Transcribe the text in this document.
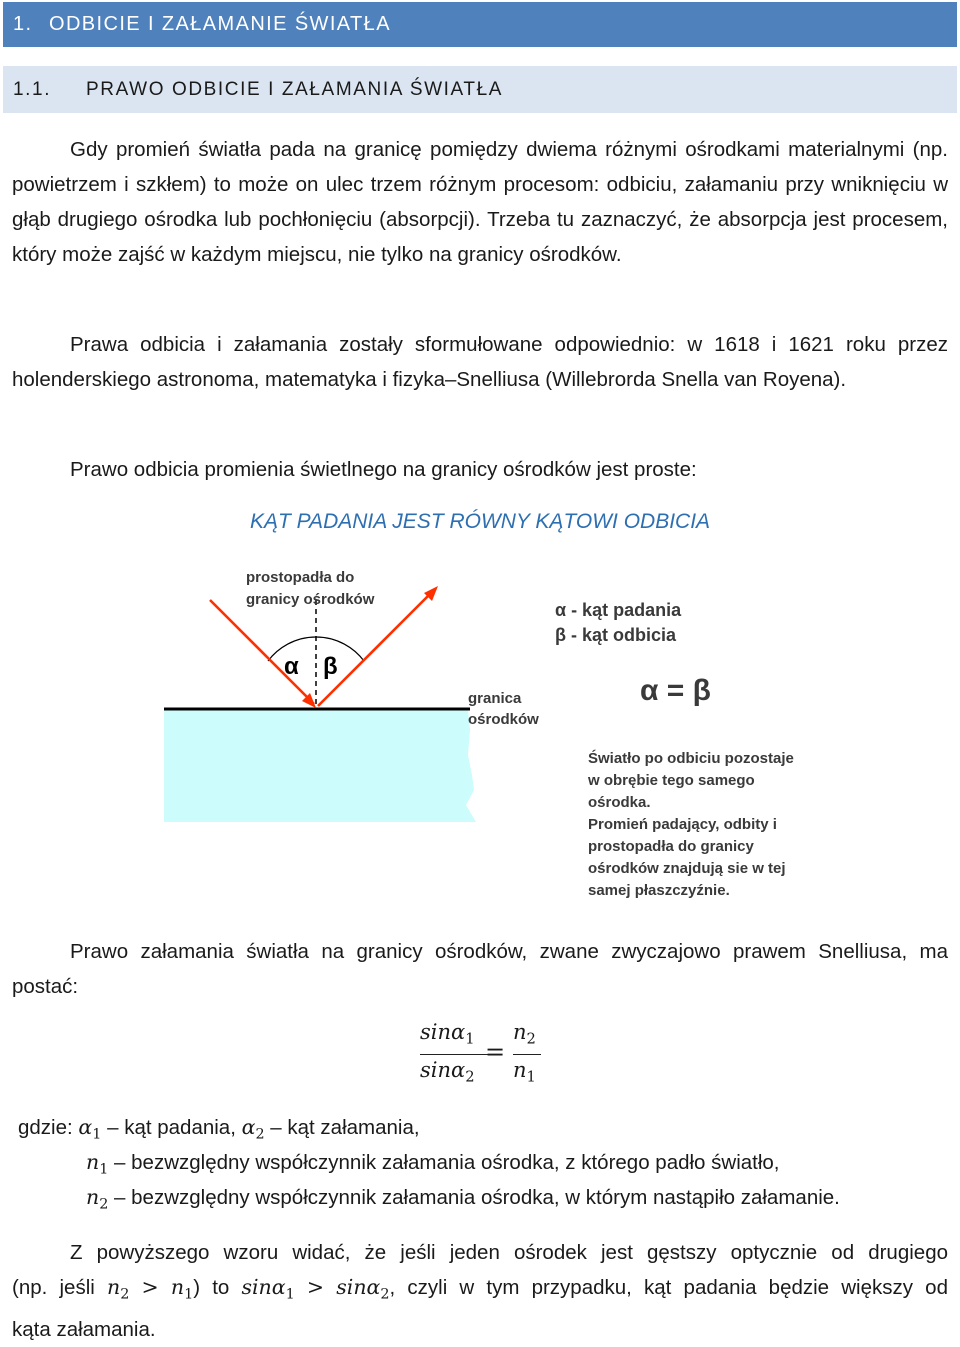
1. ODBICIE I ZAŁAMANIE ŚWIATŁA
1.1. PRAWO ODBICIE I ZAŁAMANIA ŚWIATŁA
Gdy promień światła pada na granicę pomiędzy dwiema różnymi ośrodkami materialnymi (np. powietrzem i szkłem) to może on ulec trzem różnym procesom: odbiciu, załamaniu przy wniknięciu w głąb drugiego ośrodka lub pochłonięciu (absorpcji). Trzeba tu zaznaczyć, że absorpcja jest procesem, który może zajść w każdym miejscu, nie tylko na granicy ośrodków.
Prawa odbicia i załamania zostały sformułowane odpowiednio: w 1618 i 1621 roku przez holenderskiego astronoma, matematyka i fizyka–Snelliusa (Willebrorda Snella van Royena).
Prawo odbicia promienia świetlnego na granicy ośrodków jest proste:
KĄT PADANIA JEST RÓWNY KĄTOWI ODBICIA
prostopadła do
granicy ośrodków
α β
granica
ośrodków
α - kąt padania
β - kąt odbicia
α = β
Światło po odbiciu pozostaje
w obrębie tego samego
ośrodka.
Promień padający, odbity i
prostopadła do granicy
ośrodków znajdują sie w tej
samej płaszczyźnie.
Prawo załamania światła na granicy ośrodków, zwane zwyczajowo prawem Snelliusa, ma postać:
sinα$_1$
sinα$_2$
=
$n_2$
$n_1$
gdzie: $\alpha_1$ – kąt padania, $\alpha_2$ – kąt załamania,
$n_1$ – bezwzględny współczynnik załamania ośrodka, z którego padło światło,
$n_2$ – bezwzględny współczynnik załamania ośrodka, w którym nastąpiło załamanie.
Z powyższego wzoru widać, że jeśli jeden ośrodek jest gęstszy optycznie od drugiego
(np. jeśli $n_2 > n_1$) to sinα$_1$ > sinα$_2$, czyli w tym przypadku, kąt padania będzie większy od
kąta załamania.
